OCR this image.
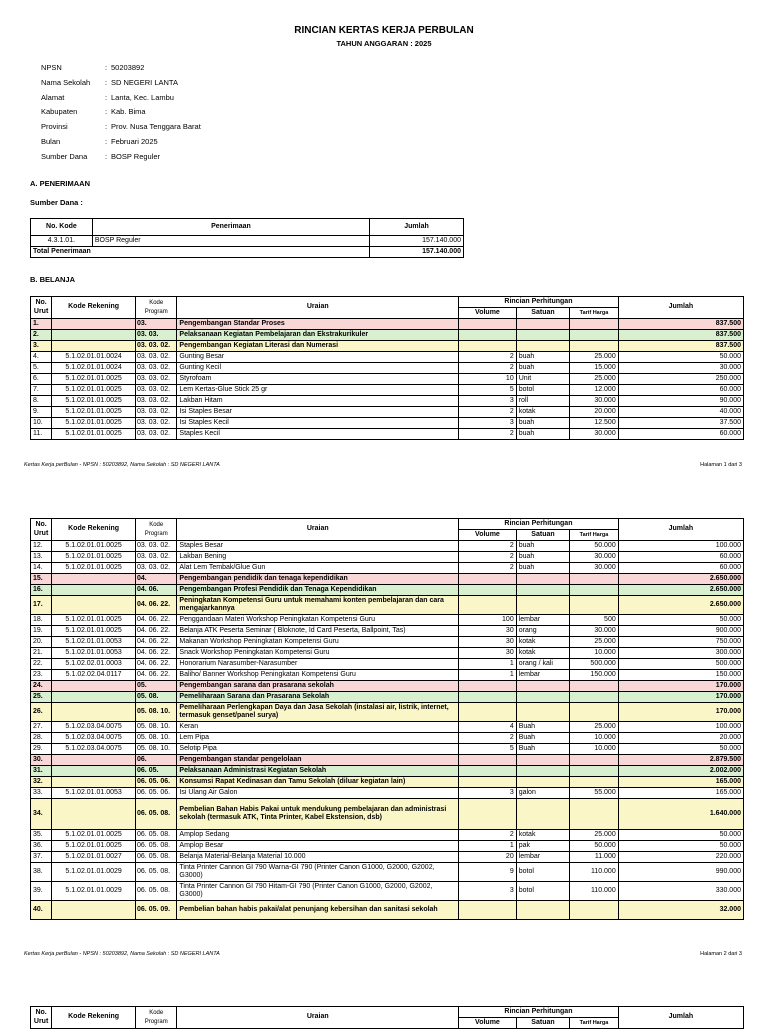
RINCIAN KERTAS KERJA PERBULAN
TAHUN ANGGARAN : 2025
NPSN	: 50203892
Nama Sekolah	: SD NEGERI LANTA
Alamat	: Lanta, Kec. Lambu
Kabupaten	: Kab. Bima
Provinsi	: Prov. Nusa Tenggara Barat
Bulan	: Februari 2025
Sumber Dana	: BOSP Reguler
A. PENERIMAAN
Sumber Dana :
No. Kode	Penerimaan	Jumlah
4.3.1.01.	BOSP Reguler	157.140.000
Total Penerimaan		157.140.000
B. BELANJA
No. Urut	Kode Rekening	Kode Program	Uraian	Rincian Perhitungan			Jumlah
				Volume	Satuan	Tarif Harga	
1.		03.	Pengembangan Standar Proses				837.500
2.		03. 03.	Pelaksanaan Kegiatan Pembelajaran dan Ekstrakurikuler				837.500
3.		03. 03. 02.	Pengembangan Kegiatan Literasi dan Numerasi				837.500
4.	5.1.02.01.01.0024	03. 03. 02.	Gunting Besar	2	buah	25.000	50.000
5.	5.1.02.01.01.0024	03. 03. 02.	Gunting Kecil	2	buah	15.000	30.000
6.	5.1.02.01.01.0025	03. 03. 02.	Styrofoam	10	Unit	25.000	250.000
7.	5.1.02.01.01.0025	03. 03. 02.	Lem Kertas-Glue Stick 25 gr	5	botol	12.000	60.000
8.	5.1.02.01.01.0025	03. 03. 02.	Lakban Hitam	3	roll	30.000	90.000
9.	5.1.02.01.01.0025	03. 03. 02.	Isi Staples Besar	2	kotak	20.000	40.000
10.	5.1.02.01.01.0025	03. 03. 02.	Isi Staples Kecil	3	buah	12.500	37.500
11.	5.1.02.01.01.0025	03. 03. 02.	Staples Kecil	2	buah	30.000	60.000
Kertas Kerja perBulan - NPSN : 50203892, Nama Sekolah : SD NEGERI LANTA	Halaman 1 dari 3
No. Urut	Kode Rekening	Kode Program	Uraian	Rincian Perhitungan			Jumlah
				Volume	Satuan	Tarif Harga	
12.	5.1.02.01.01.0025	03. 03. 02.	Staples Besar	2	buah	50.000	100.000
13.	5.1.02.01.01.0025	03. 03. 02.	Lakban Bening	2	buah	30.000	60.000
14.	5.1.02.01.01.0025	03. 03. 02.	Alat Lem Tembak/Glue Gun	2	buah	30.000	60.000
15.		04.	Pengembangan pendidik dan tenaga kependidikan				2.650.000
16.		04. 06.	Pengembangan Profesi Pendidik dan Tenaga Kependidikan				2.650.000
17.		04. 06. 22.	Peningkatan Kompetensi Guru untuk memahami konten pembelajaran dan cara mengajarkannya				2.650.000
18.	5.1.02.01.01.0025	04. 06. 22.	Penggandaan Materi Workshop Peningkatan Kompetensi Guru	100	lembar	500	50.000
19.	5.1.02.01.01.0025	04. 06. 22.	Belanja ATK Peserta Seminar ( Bloknote, Id Card Peserta, Ballpoint, Tas)	30	orang	30.000	900.000
20.	5.1.02.01.01.0053	04. 06. 22.	Makanan Workshop Peningkatan Kompetensi Guru	30	kotak	25.000	750.000
21.	5.1.02.01.01.0053	04. 06. 22.	Snack Workshop Peningkatan Kompetensi Guru	30	kotak	10.000	300.000
22.	5.1.02.02.01.0003	04. 06. 22.	Honorarium Narasumber-Narasumber	1	orang / kali	500.000	500.000
23.	5.1.02.02.04.0117	04. 06. 22.	Baliho/ Banner Workshop Peningkatan Kompetensi Guru	1	lembar	150.000	150.000
24.		05.	Pengembangan sarana dan prasarana sekolah				170.000
25.		05. 08.	Pemeliharaan Sarana dan Prasarana Sekolah				170.000
26.		05. 08. 10.	Pemeliharaan Perlengkapan Daya dan Jasa Sekolah (instalasi air, listrik, internet, termasuk genset/panel surya)				170.000
27.	5.1.02.03.04.0075	05. 08. 10.	Keran	4	Buah	25.000	100.000
28.	5.1.02.03.04.0075	05. 08. 10.	Lem Pipa	2	Buah	10.000	20.000
29.	5.1.02.03.04.0075	05. 08. 10.	Selotip Pipa	5	Buah	10.000	50.000
30.		06.	Pengembangan standar pengelolaan				2.879.500
31.		06. 05.	Pelaksanaan Administrasi Kegiatan Sekolah				2.002.000
32.		06. 05. 06.	Konsumsi Rapat Kedinasan dan Tamu Sekolah (diluar kegiatan lain)				165.000
33.	5.1.02.01.01.0053	06. 05. 06.	Isi Ulang Air Galon	3	galon	55.000	165.000
34.		06. 05. 08.	Pembelian Bahan Habis Pakai untuk mendukung pembelajaran dan administrasi sekolah (termasuk ATK, Tinta Printer, Kabel Ekstension, dsb)				1.640.000
35.	5.1.02.01.01.0025	06. 05. 08.	Amplop Sedang	2	kotak	25.000	50.000
36.	5.1.02.01.01.0025	06. 05. 08.	Amplop Besar	1	pak	50.000	50.000
37.	5.1.02.01.01.0027	06. 05. 08.	Belanja Material-Belanja Material 10.000	20	lembar	11.000	220.000
38.	5.1.02.01.01.0029	06. 05. 08.	Tinta Printer Cannon GI 790 Warna-GI 790 (Printer Canon G1000, G2000, G2002, G3000)	9	botol	110.000	990.000
39.	5.1.02.01.01.0029	06. 05. 08.	Tinta Printer Cannon GI 790 Hitam-GI 790 (Printer Canon G1000, G2000, G2002, G3000)	3	botol	110.000	330.000
40.		06. 05. 09.	Pembelian bahan habis pakai/alat penunjang kebersihan dan sanitasi sekolah				32.000
Kertas Kerja perBulan - NPSN : 50203892, Nama Sekolah : SD NEGERI LANTA	Halaman 2 dari 3
No. Urut	Kode Rekening	Kode Program	Uraian	Rincian Perhitungan			Jumlah
				Volume	Satuan	Tarif Harga	
